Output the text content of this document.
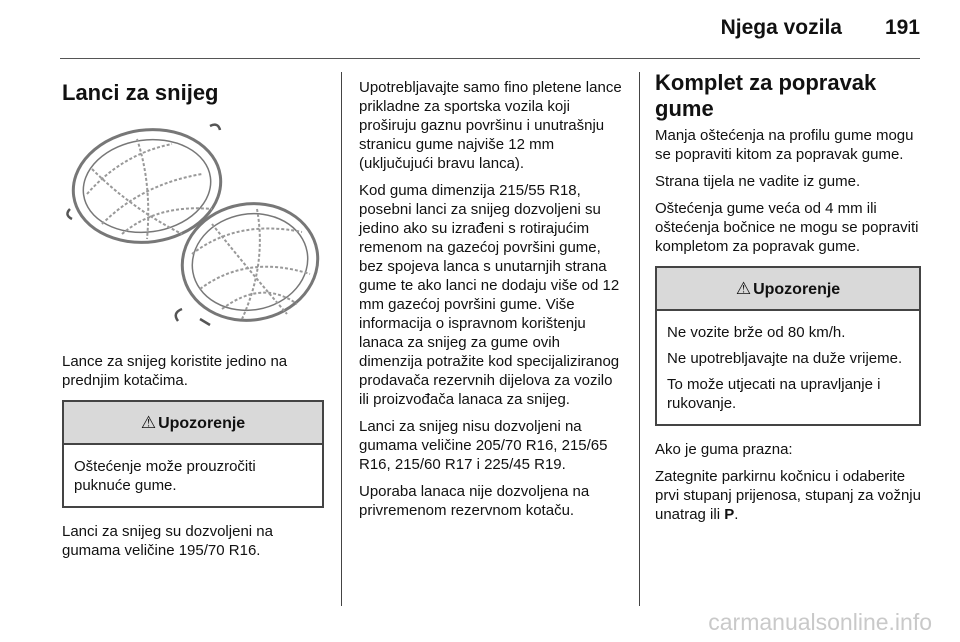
Njega vozila 191
Lanci za snijeg

Lance za snijeg koristite jedino na prednjim kotačima.

⚠ Upozorenje

Oštećenje može prouzročiti puknuće gume.

Lanci za snijeg su dozvoljeni na gumama veličine 195/70 R16.

Upotrebljavajte samo fino pletene lance prikladne za sportska vozila koji proširuju gaznu površinu i unutrašnju stranicu gume najviše 12 mm (uključujući bravu lanca).

Kod guma dimenzija 215/55 R18, posebni lanci za snijeg dozvoljeni su jedino ako su izrađeni s rotirajućim remenom na gazećoj površini gume, bez spojeva lanca s unutarnjih strana gume te ako lanci ne dodaju više od 12 mm gazećoj površini gume. Više informacija o ispravnom korištenju lanaca za snijeg za gume ovih dimenzija potražite kod specijaliziranog prodavača rezervnih dijelova za vozilo ili proizvođača lanaca za snijeg.

Lanci za snijeg nisu dozvoljeni na gumama veličine 205/70 R16, 215/65 R16, 215/60 R17 i 225/45 R19.

Uporaba lanaca nije dozvoljena na privremenom rezervnom kotaču.

Komplet za popravak gume

Manja oštećenja na profilu gume mogu se popraviti kitom za popravak gume.

Strana tijela ne vadite iz gume.

Oštećenja gume veća od 4 mm ili oštećenja bočnice ne mogu se popraviti kompletom za popravak gume.

⚠ Upozorenje

Ne vozite brže od 80 km/h.

Ne upotrebljavajte na duže vrijeme.

To može utjecati na upravljanje i rukovanje.

Ako je guma prazna:

Zategnite parkirnu kočnicu i odaberite prvi stupanj prijenosa, stupanj za vožnju unatrag ili P.

carmanualsonline.info
